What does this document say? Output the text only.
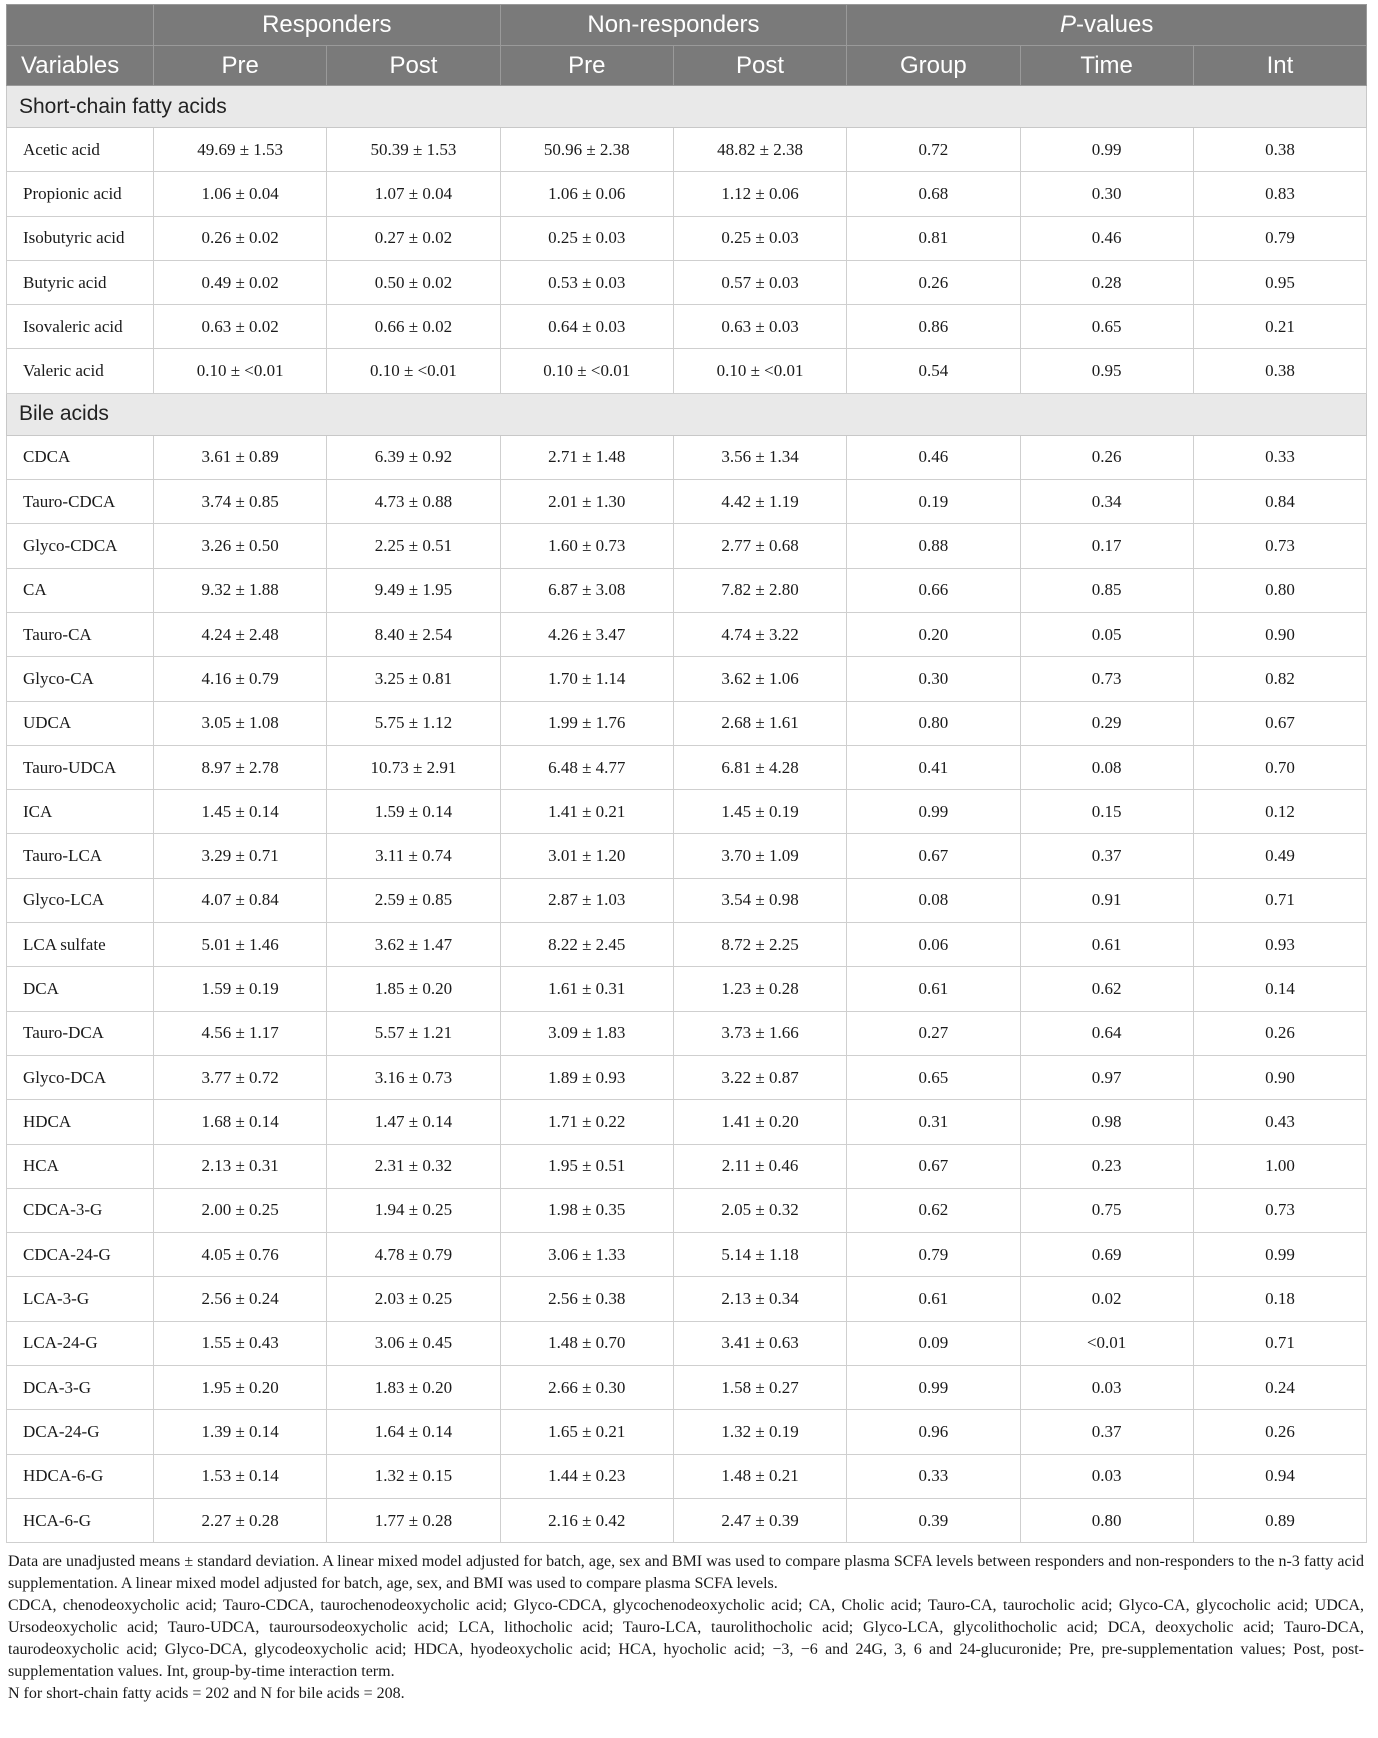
	Responders		Non-responders		P-values		
Variables	Pre	Post	Pre	Post	Group	Time	Int
Short-chain fatty acids							
Acetic acid	49.69 ± 1.53	50.39 ± 1.53	50.96 ± 2.38	48.82 ± 2.38	0.72	0.99	0.38
Propionic acid	1.06 ± 0.04	1.07 ± 0.04	1.06 ± 0.06	1.12 ± 0.06	0.68	0.30	0.83
Isobutyric acid	0.26 ± 0.02	0.27 ± 0.02	0.25 ± 0.03	0.25 ± 0.03	0.81	0.46	0.79
Butyric acid	0.49 ± 0.02	0.50 ± 0.02	0.53 ± 0.03	0.57 ± 0.03	0.26	0.28	0.95
Isovaleric acid	0.63 ± 0.02	0.66 ± 0.02	0.64 ± 0.03	0.63 ± 0.03	0.86	0.65	0.21
Valeric acid	0.10 ± <0.01	0.10 ± <0.01	0.10 ± <0.01	0.10 ± <0.01	0.54	0.95	0.38
Bile acids							
CDCA	3.61 ± 0.89	6.39 ± 0.92	2.71 ± 1.48	3.56 ± 1.34	0.46	0.26	0.33
Tauro-CDCA	3.74 ± 0.85	4.73 ± 0.88	2.01 ± 1.30	4.42 ± 1.19	0.19	0.34	0.84
Glyco-CDCA	3.26 ± 0.50	2.25 ± 0.51	1.60 ± 0.73	2.77 ± 0.68	0.88	0.17	0.73
CA	9.32 ± 1.88	9.49 ± 1.95	6.87 ± 3.08	7.82 ± 2.80	0.66	0.85	0.80
Tauro-CA	4.24 ± 2.48	8.40 ± 2.54	4.26 ± 3.47	4.74 ± 3.22	0.20	0.05	0.90
Glyco-CA	4.16 ± 0.79	3.25 ± 0.81	1.70 ± 1.14	3.62 ± 1.06	0.30	0.73	0.82
UDCA	3.05 ± 1.08	5.75 ± 1.12	1.99 ± 1.76	2.68 ± 1.61	0.80	0.29	0.67
Tauro-UDCA	8.97 ± 2.78	10.73 ± 2.91	6.48 ± 4.77	6.81 ± 4.28	0.41	0.08	0.70
ICA	1.45 ± 0.14	1.59 ± 0.14	1.41 ± 0.21	1.45 ± 0.19	0.99	0.15	0.12
Tauro-LCA	3.29 ± 0.71	3.11 ± 0.74	3.01 ± 1.20	3.70 ± 1.09	0.67	0.37	0.49
Glyco-LCA	4.07 ± 0.84	2.59 ± 0.85	2.87 ± 1.03	3.54 ± 0.98	0.08	0.91	0.71
LCA sulfate	5.01 ± 1.46	3.62 ± 1.47	8.22 ± 2.45	8.72 ± 2.25	0.06	0.61	0.93
DCA	1.59 ± 0.19	1.85 ± 0.20	1.61 ± 0.31	1.23 ± 0.28	0.61	0.62	0.14
Tauro-DCA	4.56 ± 1.17	5.57 ± 1.21	3.09 ± 1.83	3.73 ± 1.66	0.27	0.64	0.26
Glyco-DCA	3.77 ± 0.72	3.16 ± 0.73	1.89 ± 0.93	3.22 ± 0.87	0.65	0.97	0.90
HDCA	1.68 ± 0.14	1.47 ± 0.14	1.71 ± 0.22	1.41 ± 0.20	0.31	0.98	0.43
HCA	2.13 ± 0.31	2.31 ± 0.32	1.95 ± 0.51	2.11 ± 0.46	0.67	0.23	1.00
CDCA-3-G	2.00 ± 0.25	1.94 ± 0.25	1.98 ± 0.35	2.05 ± 0.32	0.62	0.75	0.73
CDCA-24-G	4.05 ± 0.76	4.78 ± 0.79	3.06 ± 1.33	5.14 ± 1.18	0.79	0.69	0.99
LCA-3-G	2.56 ± 0.24	2.03 ± 0.25	2.56 ± 0.38	2.13 ± 0.34	0.61	0.02	0.18
LCA-24-G	1.55 ± 0.43	3.06 ± 0.45	1.48 ± 0.70	3.41 ± 0.63	0.09	<0.01	0.71
DCA-3-G	1.95 ± 0.20	1.83 ± 0.20	2.66 ± 0.30	1.58 ± 0.27	0.99	0.03	0.24
DCA-24-G	1.39 ± 0.14	1.64 ± 0.14	1.65 ± 0.21	1.32 ± 0.19	0.96	0.37	0.26
HDCA-6-G	1.53 ± 0.14	1.32 ± 0.15	1.44 ± 0.23	1.48 ± 0.21	0.33	0.03	0.94
HCA-6-G	2.27 ± 0.28	1.77 ± 0.28	2.16 ± 0.42	2.47 ± 0.39	0.39	0.80	0.89

Data are unadjusted means ± standard deviation. A linear mixed model adjusted for batch, age, sex and BMI was used to compare plasma SCFA levels between responders and non-responders to the n-3 fatty acid supplementation. A linear mixed model adjusted for batch, age, sex, and BMI was used to compare plasma SCFA levels.

CDCA, chenodeoxycholic acid; Tauro-CDCA, taurochenodeoxycholic acid; Glyco-CDCA, glycochenodeoxycholic acid; CA, Cholic acid; Tauro-CA, taurocholic acid; Glyco-CA, glycocholic acid; UDCA, Ursodeoxycholic acid; Tauro-UDCA, tauroursodeoxycholic acid; LCA, lithocholic acid; Tauro-LCA, taurolithocholic acid; Glyco-LCA, glycolithocholic acid; DCA, deoxycholic acid; Tauro-DCA, taurodeoxycholic acid; Glyco-DCA, glycodeoxycholic acid; HDCA, hyodeoxycholic acid; HCA, hyocholic acid; −3, −6 and 24G, 3, 6 and 24-glucuronide; Pre, pre-supplementation values; Post, post-supplementation values. Int, group-by-time interaction term.

N for short-chain fatty acids = 202 and N for bile acids = 208.
